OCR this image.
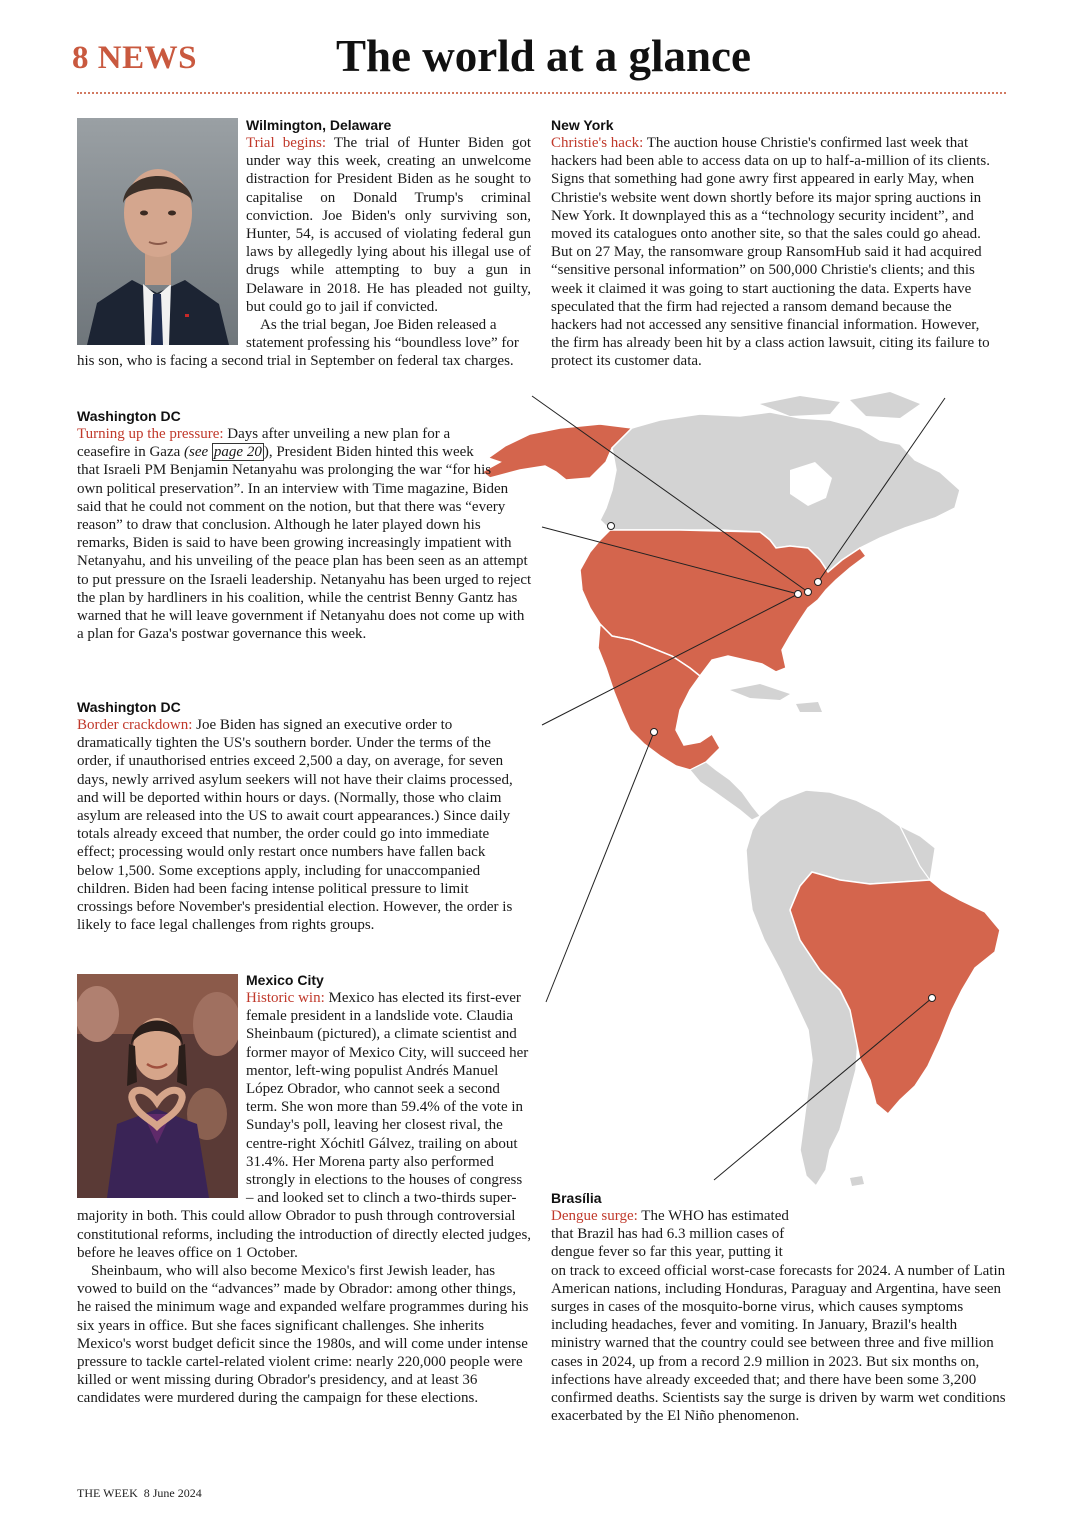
8 NEWS	The world at a glance
Wilmington, Delaware

Trial begins: The trial of Hunter Biden got under way this week, creating an unwelcome distraction for President Biden as he sought to capitalise on Donald Trump's criminal conviction. Joe Biden's only surviving son, Hunter, 54, is accused of violating federal gun laws by allegedly lying about his illegal use of drugs while attempting to buy a gun in Delaware in 2018. He has pleaded not guilty, but could go to jail if convicted.

As the trial began, Joe Biden released a statement professing his “boundless love” for his son, who is facing a second trial in September on federal tax charges.

New York

Christie's hack: The auction house Christie's confirmed last week that hackers had been able to access data on up to half-a-million of its clients. Signs that something had gone awry first appeared in early May, when Christie's website went down shortly before its major spring auctions in New York. It downplayed this as a “technology security incident”, and moved its catalogues onto another site, so that the sales could go ahead. But on 27 May, the ransomware group RansomHub said it had acquired “sensitive personal information” on 500,000 Christie's clients; and this week it claimed it was going to start auctioning the data. Experts have speculated that the firm had rejected a ransom demand because the hackers had not accessed any sensitive financial information. However, the firm has already been hit by a class action lawsuit, citing its failure to protect its customer data.

Washington DC

Turning up the pressure: Days after unveiling a new plan for a ceasefire in Gaza (see page 20 ), President Biden hinted this week that Israeli PM Benjamin Netanyahu was prolonging the war “for his own political preservation”. In an interview with Time magazine, Biden said that he could not comment on the notion, but that there was “every reason” to draw that conclusion. Although he later played down his remarks, Biden is said to have been growing increasingly impatient with Netanyahu, and his unveiling of the peace plan has been seen as an attempt to put pressure on the Israeli leadership. Netanyahu has been urged to reject the plan by hardliners in his coalition, while the centrist Benny Gantz has warned that he will leave government if Netanyahu does not come up with a plan for Gaza's postwar governance this week.

Washington DC

Border crackdown: Joe Biden has signed an executive order to dramatically tighten the US's southern border. Under the terms of the order, if unauthorised entries exceed 2,500 a day, on average, for seven days, newly arrived asylum seekers will not have their claims processed, and will be deported within hours or days. (Normally, those who claim asylum are released into the US to await court appearances.) Since daily totals already exceed that number, the order could go into immediate effect; processing would only restart once numbers have fallen back below 1,500. Some exceptions apply, including for unaccompanied children. Biden had been facing intense political pressure to limit crossings before November's presidential election. However, the order is likely to face legal challenges from rights groups.

Mexico City

Historic win: Mexico has elected its first-ever female president in a landslide vote. Claudia Sheinbaum (pictured), a climate scientist and former mayor of Mexico City, will succeed her mentor, left-wing populist Andrés Manuel López Obrador, who cannot seek a second term. She won more than 59.4% of the vote in Sunday's poll, leaving her closest rival, the centre-right Xóchitl Gálvez, trailing on about 31.4%. Her Morena party also performed strongly in elections to the houses of congress – and looked set to clinch a two-thirds super-majority in both. This could allow Obrador to push through controversial constitutional reforms, including the introduction of directly elected judges, before he leaves office on 1 October.

Sheinbaum, who will also become Mexico's first Jewish leader, has vowed to build on the “advances” made by Obrador: among other things, he raised the minimum wage and expanded welfare programmes during his six years in office. But she faces significant challenges. She inherits Mexico's worst budget deficit since the 1980s, and will come under intense pressure to tackle cartel-related violent crime: nearly 220,000 people were killed or went missing during Obrador's presidency, and at least 36 candidates were murdered during the campaign for these elections.

Brasília

Dengue surge: The WHO has estimated that Brazil has had 6.3 million cases of dengue fever so far this year, putting it on track to exceed official worst-case forecasts for 2024. A number of Latin American nations, including Honduras, Paraguay and Argentina, have seen surges in cases of the mosquito-borne virus, which causes symptoms including headaches, fever and vomiting. In January, Brazil's health ministry warned that the country could see between three and five million cases in 2024, up from a record 2.9 million in 2023. But six months on, infections have already exceeded that; and there have been some 3,200 confirmed deaths. Scientists say the surge is driven by warm wet conditions exacerbated by the El Niño phenomenon.

THE WEEK  8 June 2024
